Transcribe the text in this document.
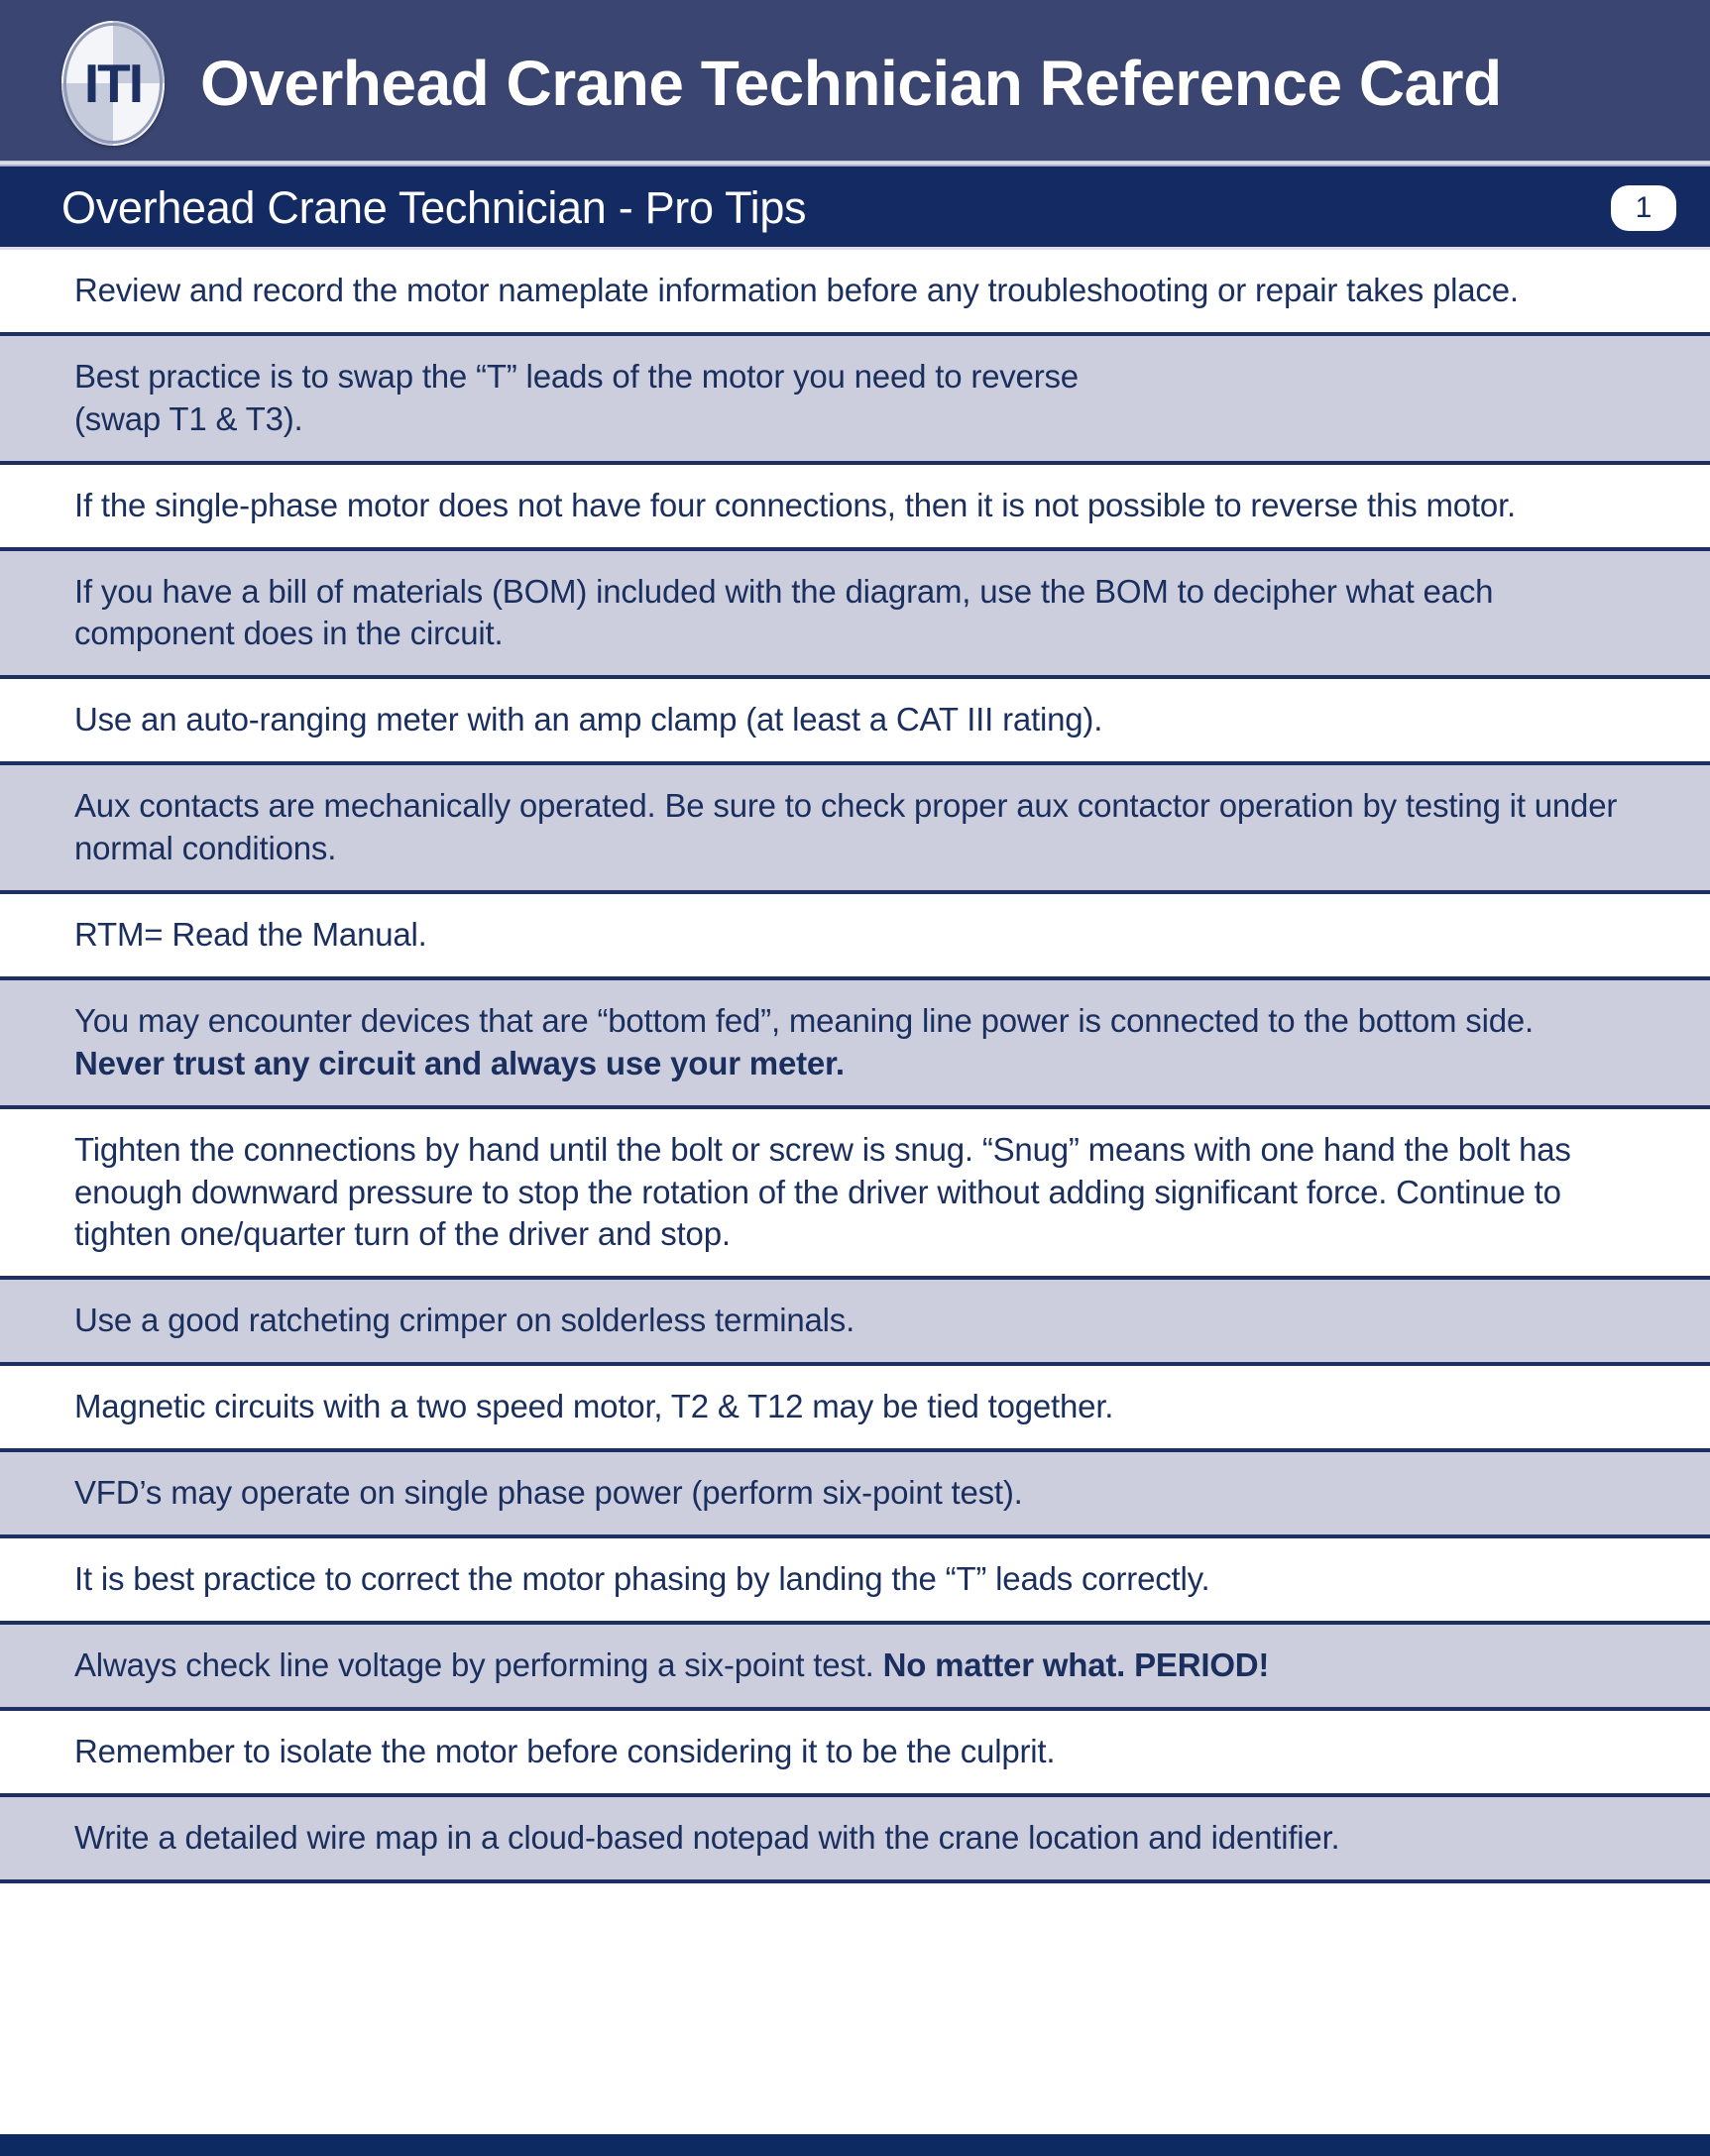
ITI Overhead Crane Technician Reference Card
Overhead Crane Technician - Pro Tips	1
Review and record the motor nameplate information before any troubleshooting or repair takes place.
Best practice is to swap the “T” leads of the motor you need to reverse
(swap T1 & T3).
If the single-phase motor does not have four connections, then it is not possible to reverse this motor.
If you have a bill of materials (BOM) included with the diagram, use the BOM to decipher what each component does in the circuit.
Use an auto-ranging meter with an amp clamp (at least a CAT III rating).
Aux contacts are mechanically operated. Be sure to check proper aux contactor operation by testing it under normal conditions.
RTM= Read the Manual.
You may encounter devices that are “bottom fed”, meaning line power is connected to the bottom side.
Never trust any circuit and always use your meter.
Tighten the connections by hand until the bolt or screw is snug. “Snug” means with one hand the bolt has enough downward pressure to stop the rotation of the driver without adding significant force. Continue to tighten one/quarter turn of the driver and stop.
Use a good ratcheting crimper on solderless terminals.
Magnetic circuits with a two speed motor, T2 & T12 may be tied together.
VFD’s may operate on single phase power (perform six-point test).
It is best practice to correct the motor phasing by landing the “T” leads correctly.
Always check line voltage by performing a six-point test. No matter what. PERIOD!
Remember to isolate the motor before considering it to be the culprit.
Write a detailed wire map in a cloud-based notepad with the crane location and identifier.
